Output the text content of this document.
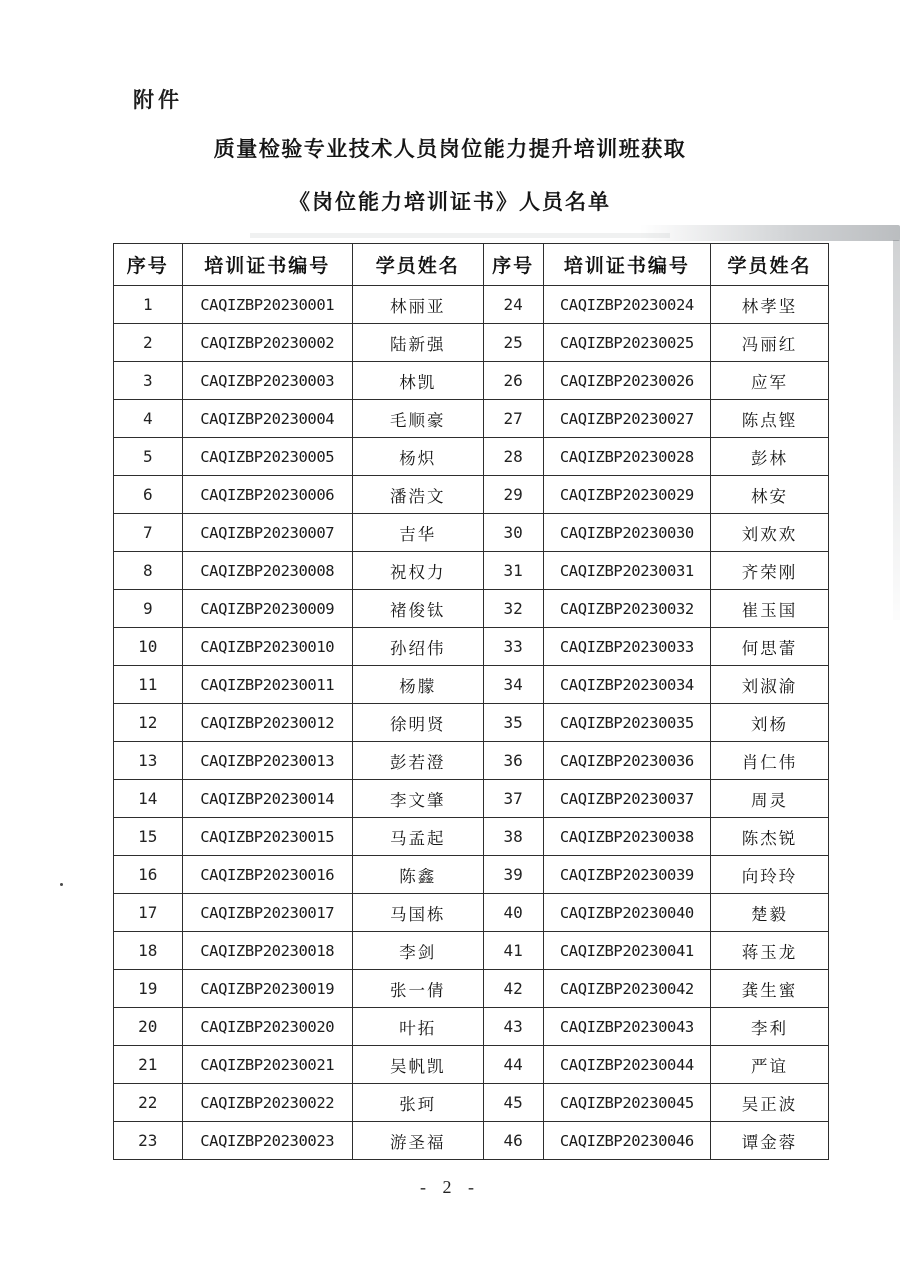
附件
质量检验专业技术人员岗位能力提升培训班获取
《岗位能力培训证书》人员名单
序号	培训证书编号	学员姓名	序号	培训证书编号	学员姓名
1	CAQIZBP20230001	林丽亚	24	CAQIZBP20230024	林孝坚
2	CAQIZBP20230002	陆新强	25	CAQIZBP20230025	冯丽红
3	CAQIZBP20230003	林凯	26	CAQIZBP20230026	应军
4	CAQIZBP20230004	毛顺豪	27	CAQIZBP20230027	陈点铿
5	CAQIZBP20230005	杨炽	28	CAQIZBP20230028	彭林
6	CAQIZBP20230006	潘浩文	29	CAQIZBP20230029	林安
7	CAQIZBP20230007	吉华	30	CAQIZBP20230030	刘欢欢
8	CAQIZBP20230008	祝权力	31	CAQIZBP20230031	齐荣刚
9	CAQIZBP20230009	褚俊钛	32	CAQIZBP20230032	崔玉国
10	CAQIZBP20230010	孙绍伟	33	CAQIZBP20230033	何思蕾
11	CAQIZBP20230011	杨朦	34	CAQIZBP20230034	刘淑渝
12	CAQIZBP20230012	徐明贤	35	CAQIZBP20230035	刘杨
13	CAQIZBP20230013	彭若澄	36	CAQIZBP20230036	肖仁伟
14	CAQIZBP20230014	李文肇	37	CAQIZBP20230037	周灵
15	CAQIZBP20230015	马孟起	38	CAQIZBP20230038	陈杰锐
16	CAQIZBP20230016	陈鑫	39	CAQIZBP20230039	向玲玲
17	CAQIZBP20230017	马国栋	40	CAQIZBP20230040	楚毅
18	CAQIZBP20230018	李剑	41	CAQIZBP20230041	蒋玉龙
19	CAQIZBP20230019	张一倩	42	CAQIZBP20230042	龚生蜜
20	CAQIZBP20230020	叶拓	43	CAQIZBP20230043	李利
21	CAQIZBP20230021	吴帆凯	44	CAQIZBP20230044	严谊
22	CAQIZBP20230022	张珂	45	CAQIZBP20230045	吴正波
23	CAQIZBP20230023	游圣福	46	CAQIZBP20230046	谭金蓉
- 2 -
